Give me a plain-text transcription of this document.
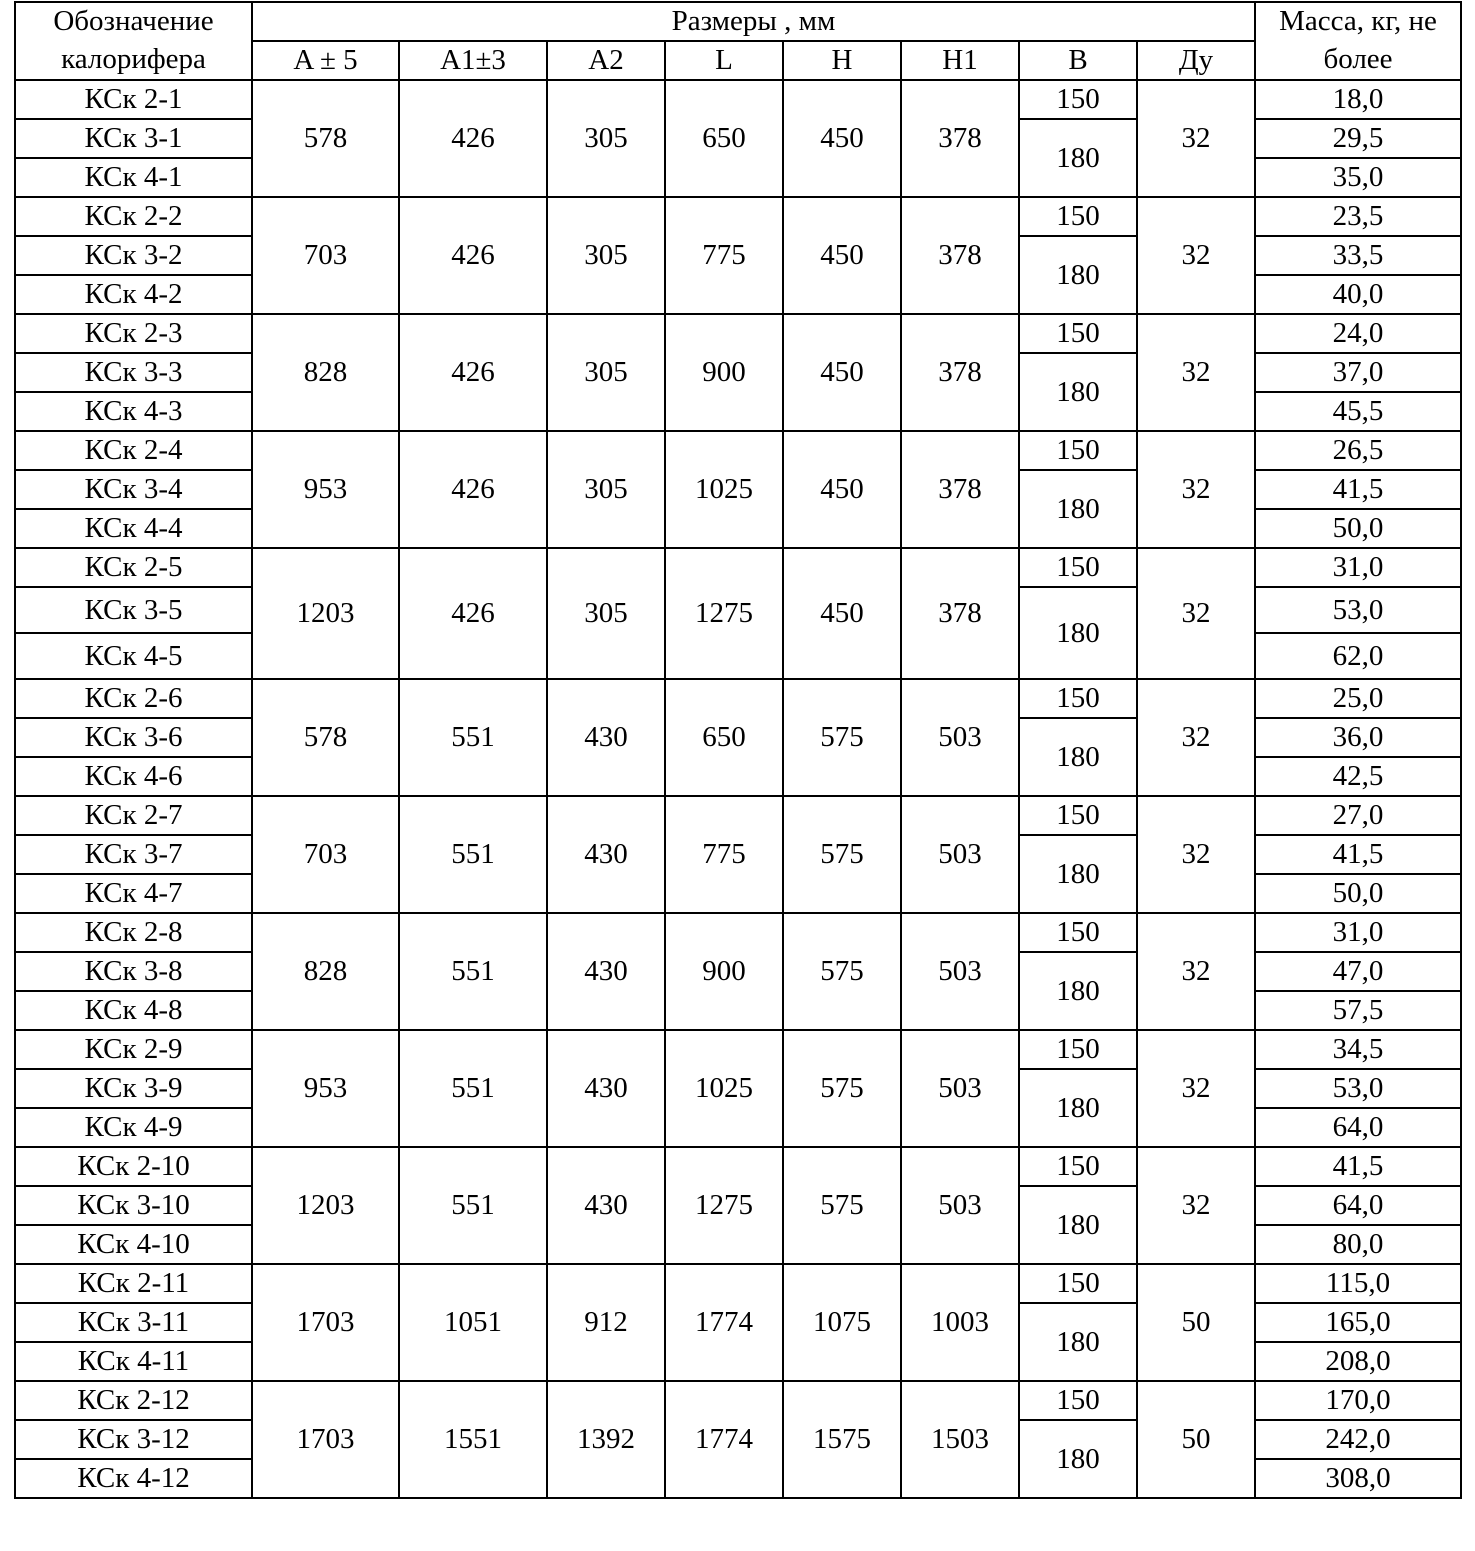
Обозначение калорифера	Размеры , мм								Масса, кг, не более
	A ± 5	A1±3	A2	L	H	H1	B	Ду	
КСк 2-1	578	426	305	650	450	378	150	32	18,0
КСк 3-1							180		29,5
КСк 4-1									35,0
КСк 2-2	703	426	305	775	450	378	150	32	23,5
КСк 3-2							180		33,5
КСк 4-2									40,0
КСк 2-3	828	426	305	900	450	378	150	32	24,0
КСк 3-3							180		37,0
КСк 4-3									45,5
КСк 2-4	953	426	305	1025	450	378	150	32	26,5
КСк 3-4							180		41,5
КСк 4-4									50,0
КСк 2-5	1203	426	305	1275	450	378	150	32	31,0
КСк 3-5							180		53,0
КСк 4-5									62,0
КСк 2-6	578	551	430	650	575	503	150	32	25,0
КСк 3-6							180		36,0
КСк 4-6									42,5
КСк 2-7	703	551	430	775	575	503	150	32	27,0
КСк 3-7							180		41,5
КСк 4-7									50,0
КСк 2-8	828	551	430	900	575	503	150	32	31,0
КСк 3-8							180		47,0
КСк 4-8									57,5
КСк 2-9	953	551	430	1025	575	503	150	32	34,5
КСк 3-9							180		53,0
КСк 4-9									64,0
КСк 2-10	1203	551	430	1275	575	503	150	32	41,5
КСк 3-10							180		64,0
КСк 4-10									80,0
КСк 2-11	1703	1051	912	1774	1075	1003	150	50	115,0
КСк 3-11							180		165,0
КСк 4-11									208,0
КСк 2-12	1703	1551	1392	1774	1575	1503	150	50	170,0
КСк 3-12							180		242,0
КСк 4-12									308,0
